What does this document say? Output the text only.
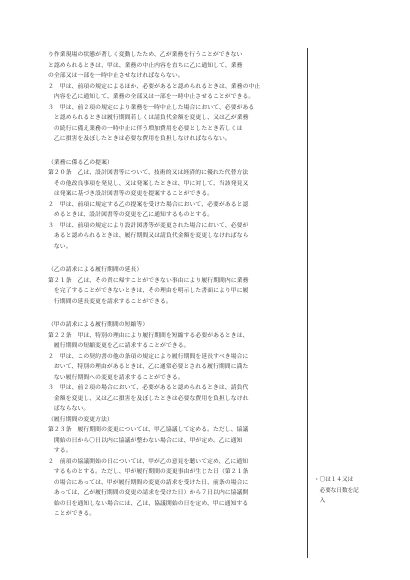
り作業現場の状態が著しく変動したため、乙が業務を行うことができない

と認められるときは、甲は、業務の中止内容を直ちに乙に通知して、業務

の全部又は一部を一時中止させなければならない。

２　甲は、前項の規定によるほか、必要があると認められるときは、業務の中止

　内容を乙に通知して、業務の全部又は一部を一時中止させることができる。

３　甲は、前２項の規定により業務を一時中止した場合において、必要がある

　と認められるときは履行期間若しくは請負代金額を変更し、又は乙が業務

　の続行に備え業務の一時中止に伴う増加費用を必要としたとき若しくは

　乙に損害を及ぼしたときは必要な費用を負担しなければならない。

（業務に係る乙の提案）

第２０条　乙は、設計図書等について、技術的又は経済的に優れた代替方法

　その他改良事項を発見し、又は発案したときは、甲に対して、当該発見又

　は発案に基づき設計図書等の変更を提案することができる。

２　甲は、前項に規定する乙の提案を受けた場合において、必要があると認

　めるときは、設計図書等の変更を乙に通知するものとする。

３　甲は、前項の規定により設計図書等が変更された場合において、必要が

　あると認められるときは、履行期間又は請負代金額を変更しなければなら

　ない。

（乙の請求による履行期間の延長）

第２１条　乙は、その責に帰すことができない事由により履行期間内に業務

　を完了することができないときは、その理由を明示した書面により甲に履

　行期間の延長変更を請求することができる。

（甲の請求による履行期間の短縮等）

第２２条　甲は、特別の理由により履行期間を短縮する必要があるときは、

　履行期間の短縮変更を乙に請求することができる。

２　甲は、この契約書の他の条項の規定により履行期間を延長すべき場合に

　おいて、特別の理由があるときは、乙に通常必要とされる履行期間に満た

　ない履行期間への変更を請求することができる。

３　甲は、前２項の場合において、必要があると認められるときは、請負代

　金額を変更し、又は乙に損害を及ぼしたときは必要な費用を負担しなけれ

　ばならない。

（履行期間の変更方法）

第２３条　履行期間の変更については、甲乙協議して定める。ただし、協議

　開始の日から〇日以内に協議が整わない場合には、甲が定め、乙に通知

　する。

２　前項の協議開始の日については、甲が乙の意見を聴いて定め、乙に通知

　するものとする。ただし、甲が履行期間の変更事由が生じた日（第２１条

　の場合にあっては、甲が履行期間の変更の請求を受けた日、前条の場合に

　あっては、乙が履行期間の変更の請求を受けた日）から７日以内に協議開

　始の日を通知しない場合には、乙は、協議開始の日を定め、甲に通知する

　ことができる。

・〇は１４又は

　必要な日数を記

　入
